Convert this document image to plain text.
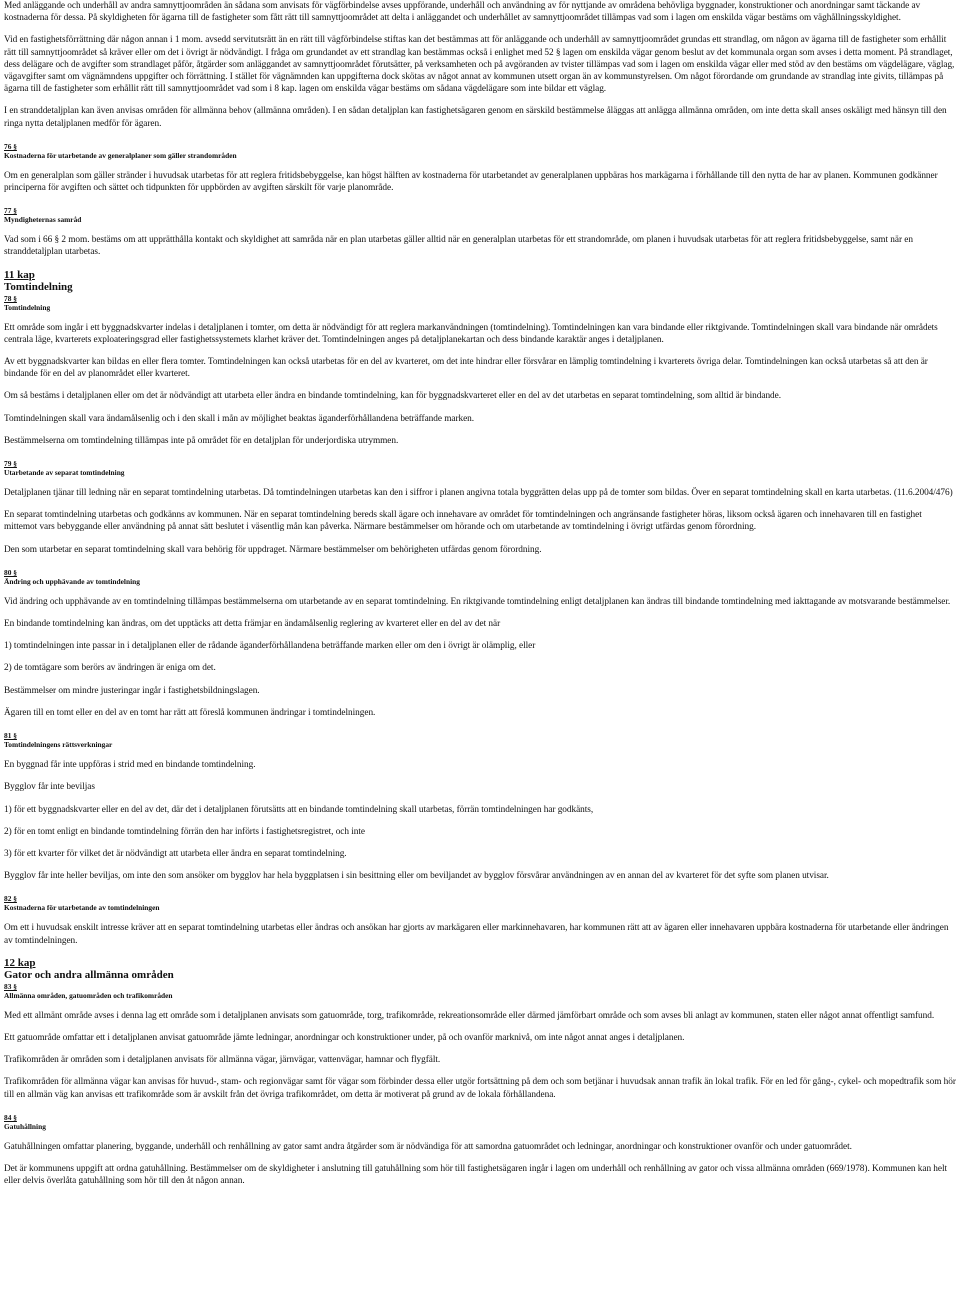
Med anläggande och underhåll av andra samnyttjoområden än sådana som anvisats för vägförbindelse avses uppförande, underhåll och användning av för nyttjande av områdena behövliga byggnader, konstruktioner och anordningar samt täckande av kostnaderna för dessa. På skyldigheten för ägarna till de fastigheter som fått rätt till samnyttjoområdet att delta i anläggandet och underhållet av samnyttjoområdet tillämpas vad som i lagen om enskilda vägar bestäms om väghållningsskyldighet.

Vid en fastighetsförrättning där någon annan i 1 mom. avsedd servitutsrätt än en rätt till vägförbindelse stiftas kan det bestämmas att för anläggande och underhåll av samnyttjoområdet grundas ett strandlag, om någon av ägarna till de fastigheter som erhållit rätt till samnyttjoområdet så kräver eller om det i övrigt är nödvändigt. I fråga om grundandet av ett strandlag kan bestämmas också i enlighet med 52 § lagen om enskilda vägar genom beslut av det kommunala organ som avses i detta moment. På strandlaget, dess delägare och de avgifter som strandlaget påför, åtgärder som anläggandet av samnyttjoområdet förutsätter, på verksamheten och på avgöranden av tvister tillämpas vad som i lagen om enskilda vägar eller med stöd av den bestäms om vägdelägare, väglag, vägavgifter samt om vägnämndens uppgifter och förrättning. I stället för vägnämnden kan uppgifterna dock skötas av något annat av kommunen utsett organ än av kommunstyrelsen. Om något förordande om grundande av strandlag inte givits, tillämpas på ägarna till de fastigheter som erhållit rätt till samnyttjoområdet vad som i 8 kap. lagen om enskilda vägar bestäms om sådana vägdelägare som inte bildar ett väglag.

I en stranddetaljplan kan även anvisas områden för allmänna behov (allmänna områden). I en sådan detaljplan kan fastighetsägaren genom en särskild bestämmelse åläggas att anlägga allmänna områden, om inte detta skall anses oskäligt med hänsyn till den ringa nytta detaljplanen medför för ägaren.

76 §
Kostnaderna för utarbetande av generalplaner som gäller strandområden

Om en generalplan som gäller stränder i huvudsak utarbetas för att reglera fritidsbebyggelse, kan högst hälften av kostnaderna för utarbetandet av generalplanen uppbäras hos markägarna i förhållande till den nytta de har av planen. Kommunen godkänner principerna för avgiften och sättet och tidpunkten för uppbörden av avgiften särskilt för varje planområde.

77 §
Myndigheternas samråd

Vad som i 66 § 2 mom. bestäms om att upprätthålla kontakt och skyldighet att samråda när en plan utarbetas gäller alltid när en generalplan utarbetas för ett strandområde, om planen i huvudsak utarbetas för att reglera fritidsbebyggelse, samt när en stranddetaljplan utarbetas.

11 kap
Tomtindelning
78 §
Tomtindelning

Ett område som ingår i ett byggnadskvarter indelas i detaljplanen i tomter, om detta är nödvändigt för att reglera markanvändningen (tomtindelning). Tomtindelningen kan vara bindande eller riktgivande. Tomtindelningen skall vara bindande när områdets centrala läge, kvarterets exploateringsgrad eller fastighetssystemets klarhet kräver det. Tomtindelningen anges på detaljplanekartan och dess bindande karaktär anges i detaljplanen.

Av ett byggnadskvarter kan bildas en eller flera tomter. Tomtindelningen kan också utarbetas för en del av kvarteret, om det inte hindrar eller försvårar en lämplig tomtindelning i kvarterets övriga delar. Tomtindelningen kan också utarbetas så att den är bindande för en del av planområdet eller kvarteret.

Om så bestäms i detaljplanen eller om det är nödvändigt att utarbeta eller ändra en bindande tomtindelning, kan för byggnadskvarteret eller en del av det utarbetas en separat tomtindelning, som alltid är bindande.

Tomtindelningen skall vara ändamålsenlig och i den skall i mån av möjlighet beaktas äganderförhållandena beträffande marken.

Bestämmelserna om tomtindelning tillämpas inte på området för en detaljplan för underjordiska utrymmen.

79 §
Utarbetande av separat tomtindelning

Detaljplanen tjänar till ledning när en separat tomtindelning utarbetas. Då tomtindelningen utarbetas kan den i siffror i planen angivna totala byggrätten delas upp på de tomter som bildas. Över en separat tomtindelning skall en karta utarbetas. (11.6.2004/476)

En separat tomtindelning utarbetas och godkänns av kommunen. När en separat tomtindelning bereds skall ägare och innehavare av området för tomtindelningen och angränsande fastigheter höras, liksom också ägaren och innehavaren till en fastighet mittemot vars bebyggande eller användning på annat sätt beslutet i väsentlig mån kan påverka. Närmare bestämmelser om hörande och om utarbetande av tomtindelning i övrigt utfärdas genom förordning.

Den som utarbetar en separat tomtindelning skall vara behörig för uppdraget. Närmare bestämmelser om behörigheten utfärdas genom förordning.

80 §
Ändring och upphävande av tomtindelning

Vid ändring och upphävande av en tomtindelning tillämpas bestämmelserna om utarbetande av en separat tomtindelning. En riktgivande tomtindelning enligt detaljplanen kan ändras till bindande tomtindelning med iakttagande av motsvarande bestämmelser.

En bindande tomtindelning kan ändras, om det upptäcks att detta främjar en ändamålsenlig reglering av kvarteret eller en del av det när

1) tomtindelningen inte passar in i detaljplanen eller de rådande äganderförhållandena beträffande marken eller om den i övrigt är olämplig, eller

2) de tomtägare som berörs av ändringen är eniga om det.

Bestämmelser om mindre justeringar ingår i fastighetsbildningslagen.

Ägaren till en tomt eller en del av en tomt har rätt att föreslå kommunen ändringar i tomtindelningen.

81 §
Tomtindelningens rättsverkningar

En byggnad får inte uppföras i strid med en bindande tomtindelning.

Bygglov får inte beviljas

1) för ett byggnadskvarter eller en del av det, där det i detaljplanen förutsätts att en bindande tomtindelning skall utarbetas, förrän tomtindelningen har godkänts,

2) för en tomt enligt en bindande tomtindelning förrän den har införts i fastighetsregistret, och inte

3) för ett kvarter för vilket det är nödvändigt att utarbeta eller ändra en separat tomtindelning.

Bygglov får inte heller beviljas, om inte den som ansöker om bygglov har hela byggplatsen i sin besittning eller om beviljandet av bygglov försvårar användningen av en annan del av kvarteret för det syfte som planen utvisar.

82 §
Kostnaderna för utarbetande av tomtindelningen

Om ett i huvudsak enskilt intresse kräver att en separat tomtindelning utarbetas eller ändras och ansökan har gjorts av markägaren eller markinnehavaren, har kommunen rätt att av ägaren eller innehavaren uppbära kostnaderna för utarbetande eller ändringen av tomtindelningen.

12 kap
Gator och andra allmänna områden
83 §
Allmänna områden, gatuområden och trafikområden

Med ett allmänt område avses i denna lag ett område som i detaljplanen anvisats som gatuområde, torg, trafikområde, rekreationsområde eller därmed jämförbart område och som avses bli anlagt av kommunen, staten eller något annat offentligt samfund.

Ett gatuområde omfattar ett i detaljplanen anvisat gatuområde jämte ledningar, anordningar och konstruktioner under, på och ovanför marknivå, om inte något annat anges i detaljplanen.

Trafikområden är områden som i detaljplanen anvisats för allmänna vägar, järnvägar, vattenvägar, hamnar och flygfält.

Trafikområden för allmänna vägar kan anvisas för huvud-, stam- och regionvägar samt för vägar som förbinder dessa eller utgör fortsättning på dem och som betjänar i huvudsak annan trafik än lokal trafik. För en led för gång-, cykel- och mopedtrafik som hör till en allmän väg kan anvisas ett trafikområde som är avskilt från det övriga trafikområdet, om detta är motiverat på grund av de lokala förhållandena.

84 §
Gatuhållning

Gatuhållningen omfattar planering, byggande, underhåll och renhållning av gator samt andra åtgärder som är nödvändiga för att samordna gatuområdet och ledningar, anordningar och konstruktioner ovanför och under gatuområdet.

Det är kommunens uppgift att ordna gatuhållning. Bestämmelser om de skyldigheter i anslutning till gatuhållning som hör till fastighetsägaren ingår i lagen om underhåll och renhållning av gator och vissa allmänna områden (669/1978). Kommunen kan helt eller delvis överlåta gatuhållning som hör till den åt någon annan.
